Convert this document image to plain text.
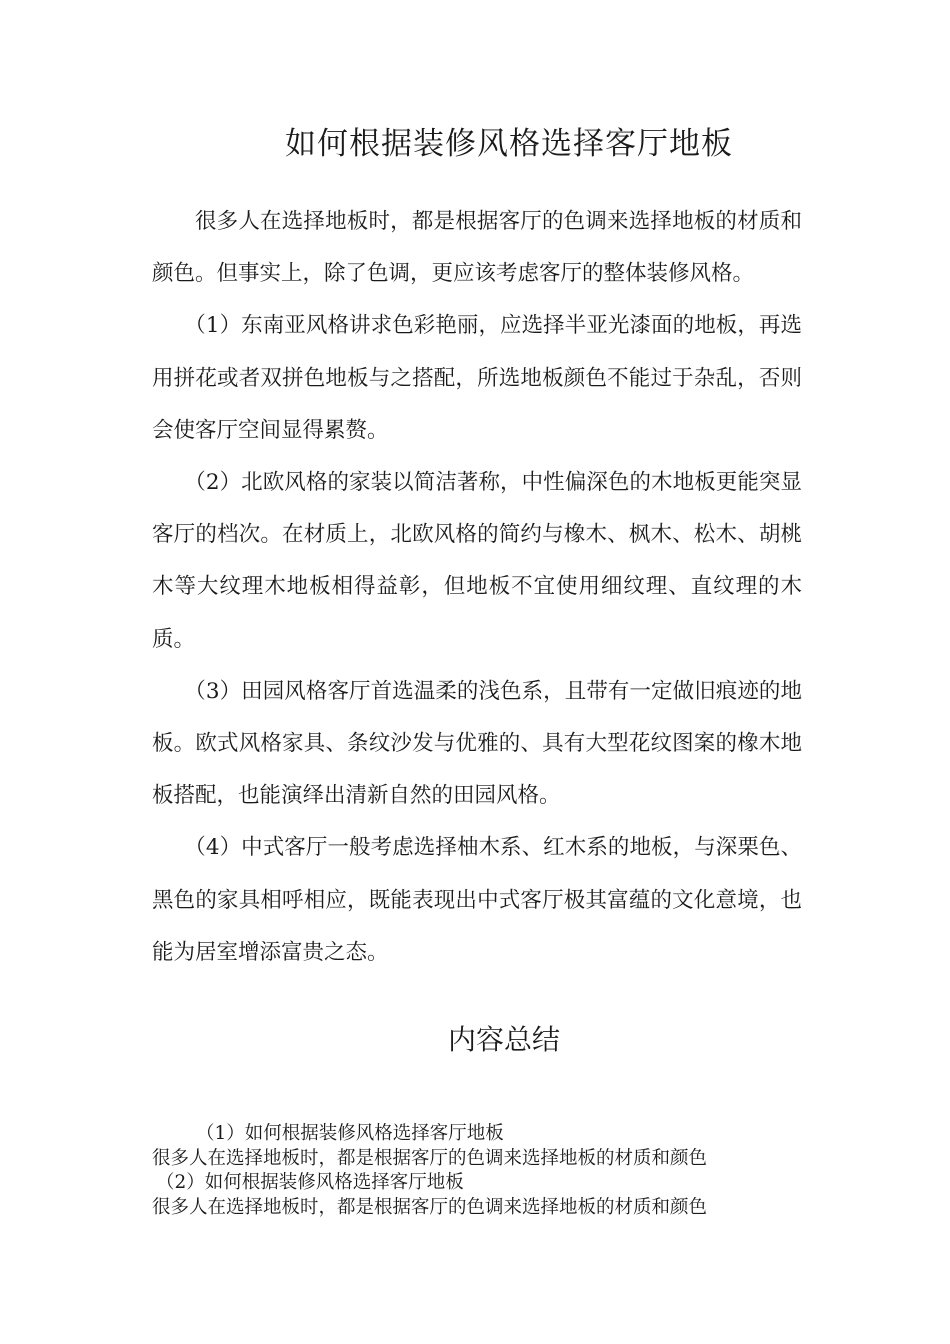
如何根据装修风格选择客厅地板

很多人在选择地板时，都是根据客厅的色调来选择地板的材质和颜色。但事实上，除了色调，更应该考虑客厅的整体装修风格。

（1）东南亚风格讲求色彩艳丽，应选择半亚光漆面的地板，再选用拼花或者双拼色地板与之搭配，所选地板颜色不能过于杂乱，否则会使客厅空间显得累赘。

（2）北欧风格的家装以简洁著称，中性偏深色的木地板更能突显客厅的档次。在材质上，北欧风格的简约与橡木、枫木、松木、胡桃木等大纹理木地板相得益彰，但地板不宜使用细纹理、直纹理的木质。

（3）田园风格客厅首选温柔的浅色系，且带有一定做旧痕迹的地板。欧式风格家具、条纹沙发与优雅的、具有大型花纹图案的橡木地板搭配，也能演绎出清新自然的田园风格。

（4）中式客厅一般考虑选择柚木系、红木系的地板，与深栗色、黑色的家具相呼相应，既能表现出中式客厅极其富蕴的文化意境，也能为居室增添富贵之态。

内容总结
（1）如何根据装修风格选择客厅地板
很多人在选择地板时，都是根据客厅的色调来选择地板的材质和颜色
（2）如何根据装修风格选择客厅地板
很多人在选择地板时，都是根据客厅的色调来选择地板的材质和颜色
